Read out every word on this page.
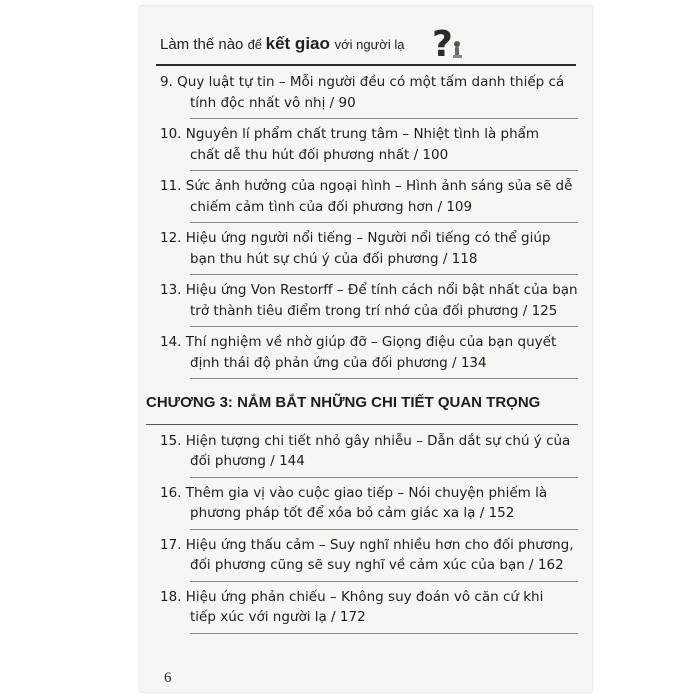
Làm thế nào để kết giao với người lạ ?
9. Quy luật tự tin – Mỗi người đều có một tấm danh thiếp cá
tính độc nhất vô nhị / 90
10. Nguyên lí phẩm chất trung tâm – Nhiệt tình là phẩm
chất dễ thu hút đối phương nhất / 100
11. Sức ảnh hưởng của ngoại hình – Hình ảnh sáng sủa sẽ dễ
chiếm cảm tình của đối phương hơn / 109
12. Hiệu ứng người nổi tiếng – Người nổi tiếng có thể giúp
bạn thu hút sự chú ý của đối phương / 118
13. Hiệu ứng Von Restorff – Để tính cách nổi bật nhất của bạn
trở thành tiêu điểm trong trí nhớ của đối phương / 125
14. Thí nghiệm về nhờ giúp đỡ – Giọng điệu của bạn quyết
định thái độ phản ứng của đối phương / 134
CHƯƠNG 3: NẮM BẮT NHỮNG CHI TIẾT QUAN TRỌNG
15. Hiện tượng chi tiết nhỏ gây nhiễu – Dẫn dắt sự chú ý của
đối phương / 144
16. Thêm gia vị vào cuộc giao tiếp – Nói chuyện phiếm là
phương pháp tốt để xóa bỏ cảm giác xa lạ / 152
17. Hiệu ứng thấu cảm – Suy nghĩ nhiều hơn cho đối phương,
đối phương cũng sẽ suy nghĩ về cảm xúc của bạn / 162
18. Hiệu ứng phản chiếu – Không suy đoán vô căn cứ khi
tiếp xúc với người lạ / 172
6
